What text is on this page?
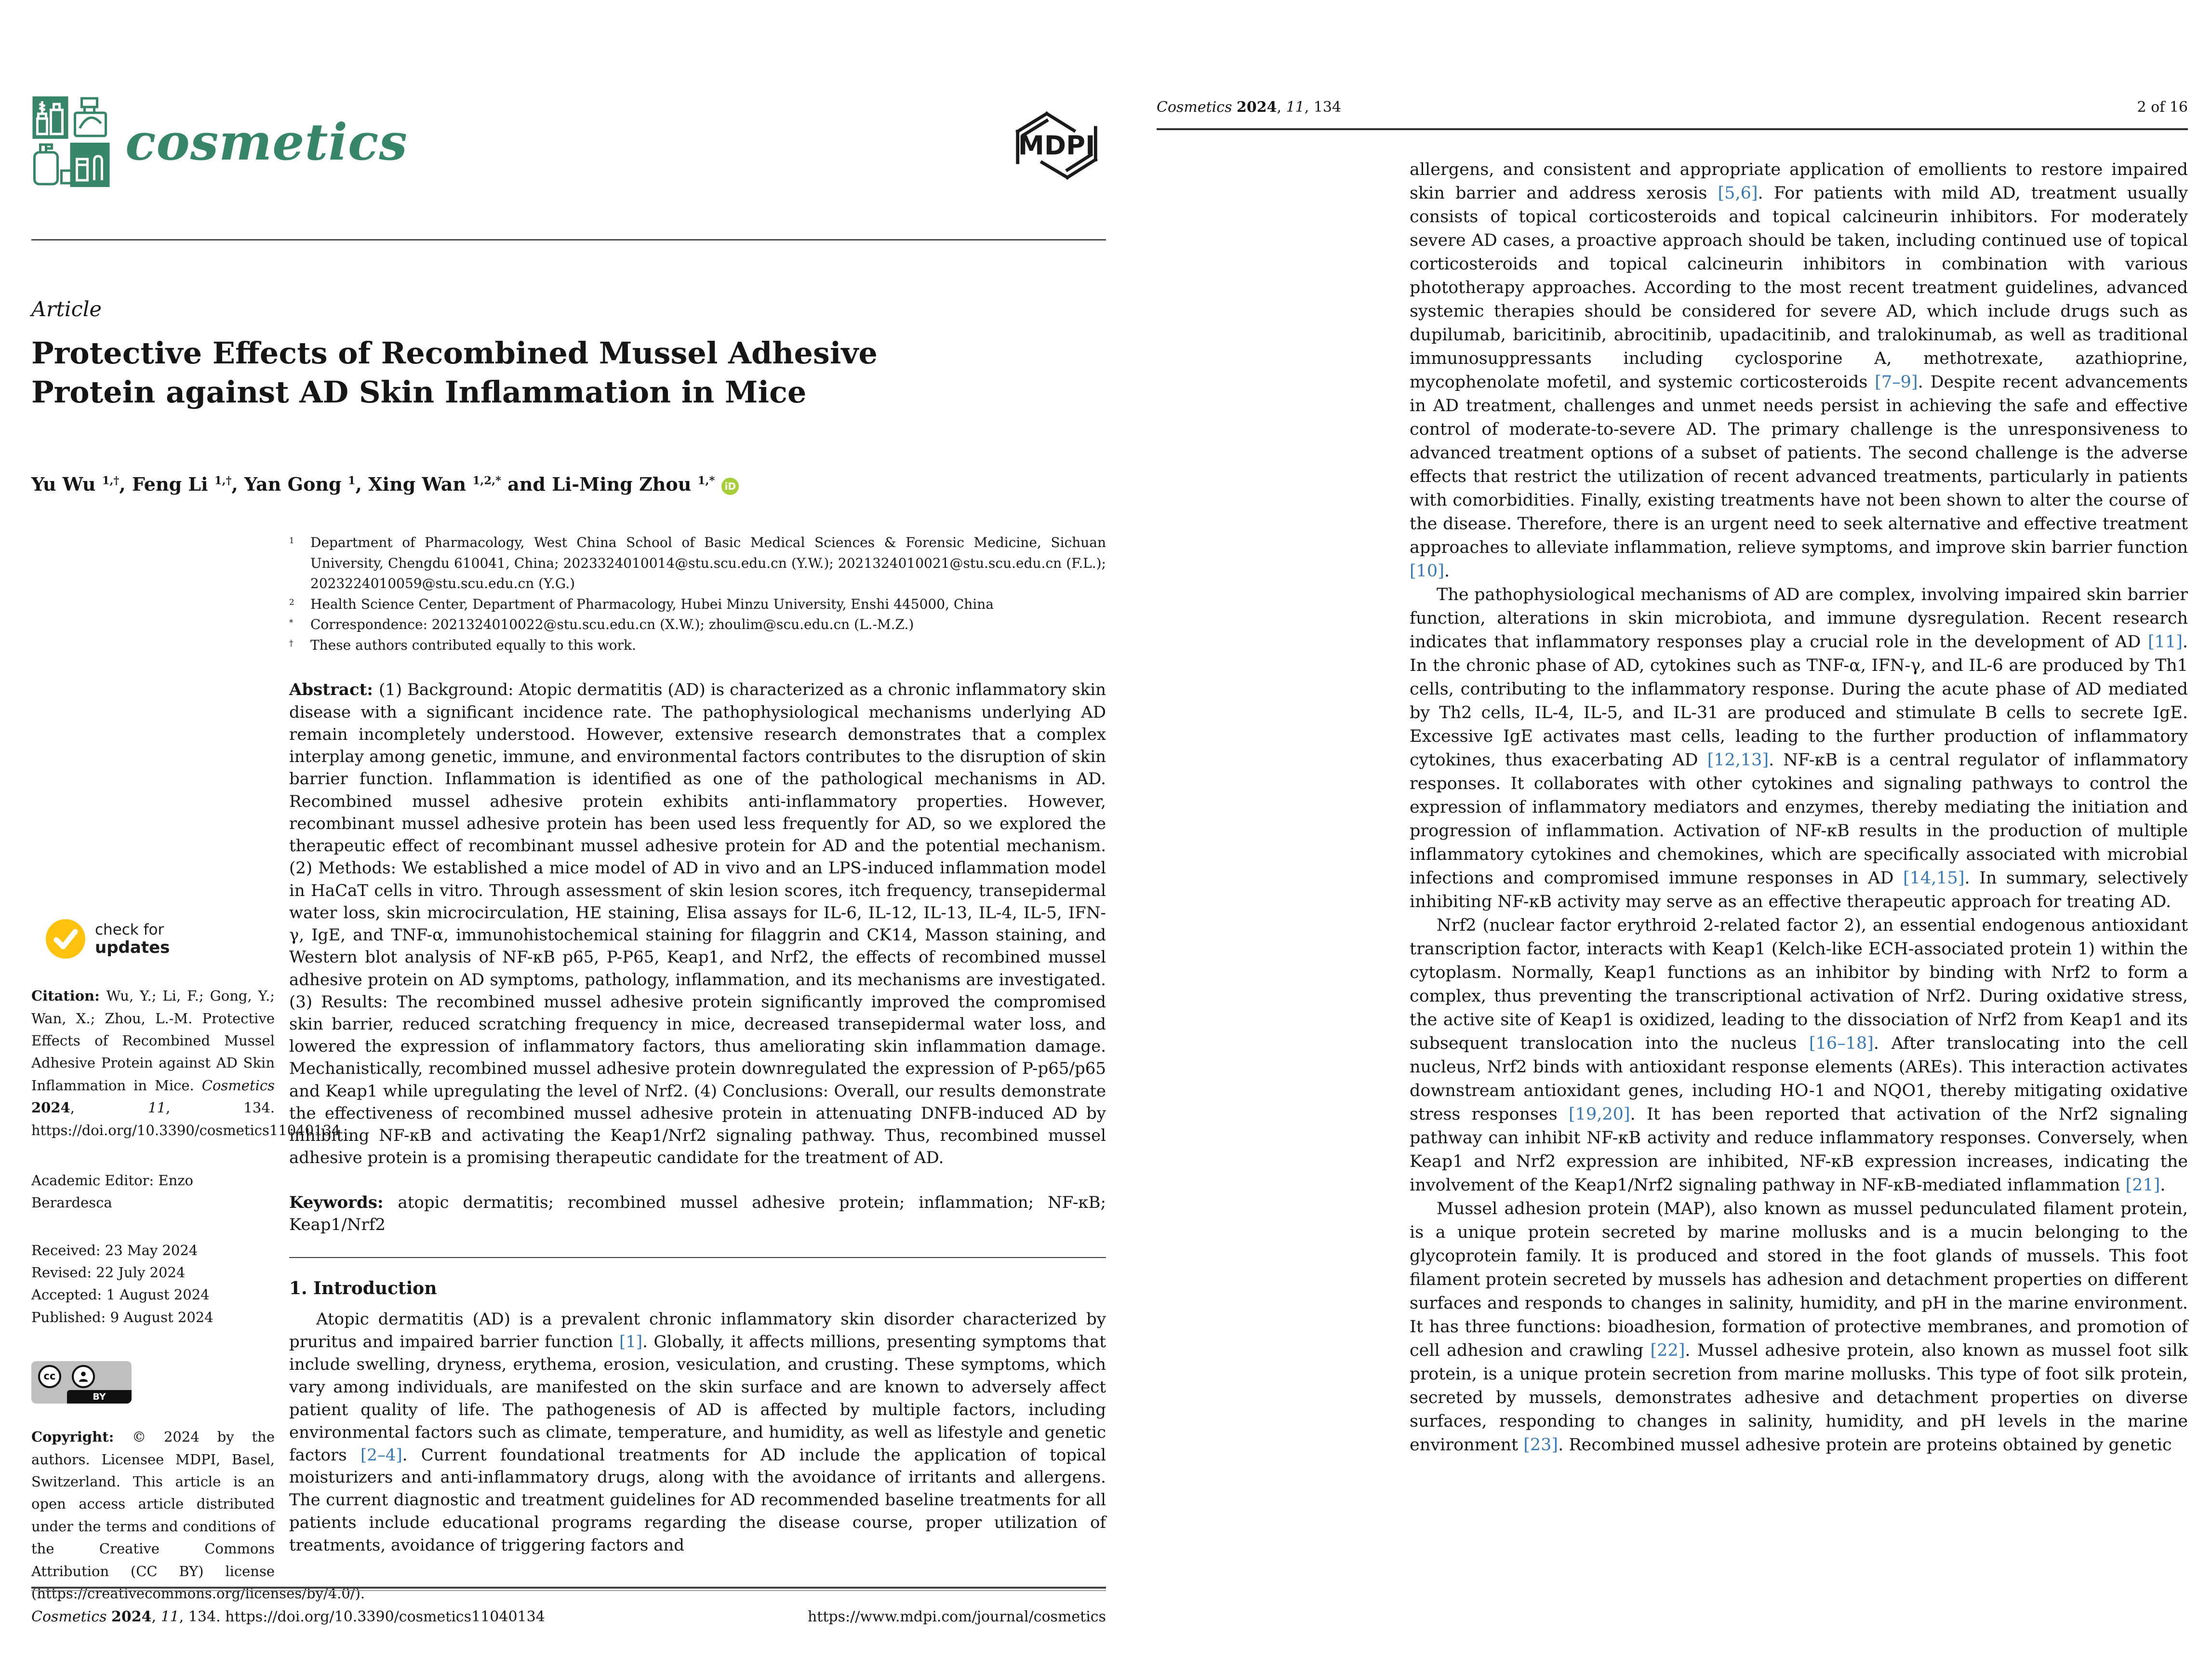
cosmetics	MDPI
Article
Protective Effects of Recombined Mussel Adhesive Protein against AD Skin Inflammation in Mice
Yu Wu $^{1,\dagger}$, Feng Li $^{1,\dagger}$, Yan Gong $^1$, Xing Wan $^{1,2,*}$ and Li-Ming Zhou $^{1,*}$ iD
check for
updates

Citation: Wu, Y.; Li, F.; Gong, Y.; Wan, X.; Zhou, L.-M. Protective Effects of Recombined Mussel Adhesive Protein against AD Skin Inflammation in Mice. Cosmetics 2024, 11, 134. https://doi.org/10.3390/cosmetics11040134

Academic Editor: Enzo Berardesca
Received: 23 May 2024
Revised: 22 July 2024
Accepted: 1 August 2024
Published: 9 August 2024
cc
BY

Copyright: © 2024 by the authors. Licensee MDPI, Basel, Switzerland. This article is an open access article distributed under the terms and conditions of the Creative Commons Attribution (CC BY) license (https://creativecommons.org/licenses/by/4.0/).

1	Department of Pharmacology, West China School of Basic Medical Sciences & Forensic Medicine, Sichuan University, Chengdu 610041, China; 2023324010014@stu.scu.edu.cn (Y.W.); 2021324010021@stu.scu.edu.cn (F.L.); 2023224010059@stu.scu.edu.cn (Y.G.)
2	Health Science Center, Department of Pharmacology, Hubei Minzu University, Enshi 445000, China
*	Correspondence: 2021324010022@stu.scu.edu.cn (X.W.); zhoulim@scu.edu.cn (L.-M.Z.)
†	These authors contributed equally to this work.

Abstract: (1) Background: Atopic dermatitis (AD) is characterized as a chronic inflammatory skin disease with a significant incidence rate. The pathophysiological mechanisms underlying AD remain incompletely understood. However, extensive research demonstrates that a complex interplay among genetic, immune, and environmental factors contributes to the disruption of skin barrier function. Inflammation is identified as one of the pathological mechanisms in AD. Recombined mussel adhesive protein exhibits anti-inflammatory properties. However, recombinant mussel adhesive protein has been used less frequently for AD, so we explored the therapeutic effect of recombinant mussel adhesive protein for AD and the potential mechanism. (2) Methods: We established a mice model of AD in vivo and an LPS-induced inflammation model in HaCaT cells in vitro. Through assessment of skin lesion scores, itch frequency, transepidermal water loss, skin microcirculation, HE staining, Elisa assays for IL-6, IL-12, IL-13, IL-4, IL-5, IFN-γ, IgE, and TNF-α, immunohistochemical staining for filaggrin and CK14, Masson staining, and Western blot analysis of NF-κB p65, P-P65, Keap1, and Nrf2, the effects of recombined mussel adhesive protein on AD symptoms, pathology, inflammation, and its mechanisms are investigated. (3) Results: The recombined mussel adhesive protein significantly improved the compromised skin barrier, reduced scratching frequency in mice, decreased transepidermal water loss, and lowered the expression of inflammatory factors, thus ameliorating skin inflammation damage. Mechanistically, recombined mussel adhesive protein downregulated the expression of P-p65/p65 and Keap1 while upregulating the level of Nrf2. (4) Conclusions: Overall, our results demonstrate the effectiveness of recombined mussel adhesive protein in attenuating DNFB-induced AD by inhibiting NF-κB and activating the Keap1/Nrf2 signaling pathway. Thus, recombined mussel adhesive protein is a promising therapeutic candidate for the treatment of AD.

Keywords: atopic dermatitis; recombined mussel adhesive protein; inflammation; NF-κB; Keap1/Nrf2

1. Introduction

Atopic dermatitis (AD) is a prevalent chronic inflammatory skin disorder characterized by pruritus and impaired barrier function [1]. Globally, it affects millions, presenting symptoms that include swelling, dryness, erythema, erosion, vesiculation, and crusting. These symptoms, which vary among individuals, are manifested on the skin surface and are known to adversely affect patient quality of life. The pathogenesis of AD is affected by multiple factors, including environmental factors such as climate, temperature, and humidity, as well as lifestyle and genetic factors [2–4]. Current foundational treatments for AD include the application of topical moisturizers and anti-inflammatory drugs, along with the avoidance of irritants and allergens. The current diagnostic and treatment guidelines for AD recommended baseline treatments for all patients include educational programs regarding the disease course, proper utilization of treatments, avoidance of triggering factors and

Cosmetics 2024, 11, 134. https://doi.org/10.3390/cosmetics11040134	https://www.mdpi.com/journal/cosmetics
Cosmetics 2024, 11, 134	2 of 16

allergens, and consistent and appropriate application of emollients to restore impaired skin barrier and address xerosis [5,6]. For patients with mild AD, treatment usually consists of topical corticosteroids and topical calcineurin inhibitors. For moderately severe AD cases, a proactive approach should be taken, including continued use of topical corticosteroids and topical calcineurin inhibitors in combination with various phototherapy approaches. According to the most recent treatment guidelines, advanced systemic therapies should be considered for severe AD, which include drugs such as dupilumab, baricitinib, abrocitinib, upadacitinib, and tralokinumab, as well as traditional immunosuppressants including cyclosporine A, methotrexate, azathioprine, mycophenolate mofetil, and systemic corticosteroids [7–9]. Despite recent advancements in AD treatment, challenges and unmet needs persist in achieving the safe and effective control of moderate-to-severe AD. The primary challenge is the unresponsiveness to advanced treatment options of a subset of patients. The second challenge is the adverse effects that restrict the utilization of recent advanced treatments, particularly in patients with comorbidities. Finally, existing treatments have not been shown to alter the course of the disease. Therefore, there is an urgent need to seek alternative and effective treatment approaches to alleviate inflammation, relieve symptoms, and improve skin barrier function [10].

The pathophysiological mechanisms of AD are complex, involving impaired skin barrier function, alterations in skin microbiota, and immune dysregulation. Recent research indicates that inflammatory responses play a crucial role in the development of AD [11]. In the chronic phase of AD, cytokines such as TNF-α, IFN-γ, and IL-6 are produced by Th1 cells, contributing to the inflammatory response. During the acute phase of AD mediated by Th2 cells, IL-4, IL-5, and IL-31 are produced and stimulate B cells to secrete IgE. Excessive IgE activates mast cells, leading to the further production of inflammatory cytokines, thus exacerbating AD [12,13]. NF-κB is a central regulator of inflammatory responses. It collaborates with other cytokines and signaling pathways to control the expression of inflammatory mediators and enzymes, thereby mediating the initiation and progression of inflammation. Activation of NF-κB results in the production of multiple inflammatory cytokines and chemokines, which are specifically associated with microbial infections and compromised immune responses in AD [14,15]. In summary, selectively inhibiting NF-κB activity may serve as an effective therapeutic approach for treating AD.

Nrf2 (nuclear factor erythroid 2-related factor 2), an essential endogenous antioxidant transcription factor, interacts with Keap1 (Kelch-like ECH-associated protein 1) within the cytoplasm. Normally, Keap1 functions as an inhibitor by binding with Nrf2 to form a complex, thus preventing the transcriptional activation of Nrf2. During oxidative stress, the active site of Keap1 is oxidized, leading to the dissociation of Nrf2 from Keap1 and its subsequent translocation into the nucleus [16–18]. After translocating into the cell nucleus, Nrf2 binds with antioxidant response elements (AREs). This interaction activates downstream antioxidant genes, including HO-1 and NQO1, thereby mitigating oxidative stress responses [19,20]. It has been reported that activation of the Nrf2 signaling pathway can inhibit NF-κB activity and reduce inflammatory responses. Conversely, when Keap1 and Nrf2 expression are inhibited, NF-κB expression increases, indicating the involvement of the Keap1/Nrf2 signaling pathway in NF-κB-mediated inflammation [21].

Mussel adhesion protein (MAP), also known as mussel pedunculated filament protein, is a unique protein secreted by marine mollusks and is a mucin belonging to the glycoprotein family. It is produced and stored in the foot glands of mussels. This foot filament protein secreted by mussels has adhesion and detachment properties on different surfaces and responds to changes in salinity, humidity, and pH in the marine environment. It has three functions: bioadhesion, formation of protective membranes, and promotion of cell adhesion and crawling [22]. Mussel adhesive protein, also known as mussel foot silk protein, is a unique protein secretion from marine mollusks. This type of foot silk protein, secreted by mussels, demonstrates adhesive and detachment properties on diverse surfaces, responding to changes in salinity, humidity, and pH levels in the marine environment [23]. Recombined mussel adhesive protein are proteins obtained by genetic
